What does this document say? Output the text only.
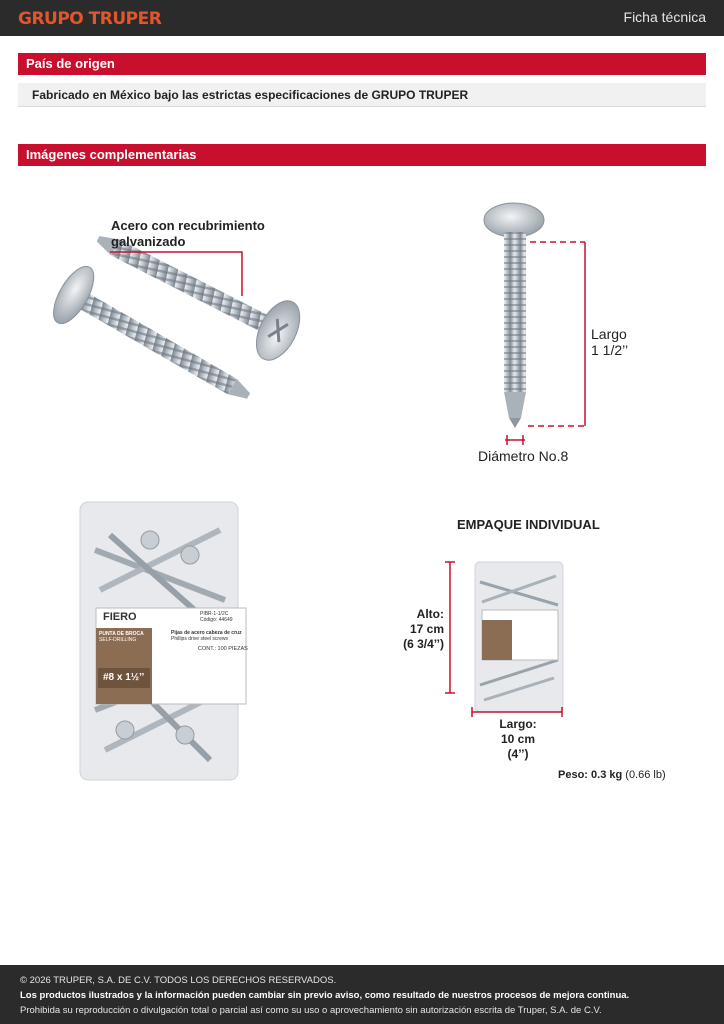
GRUPO TRUPER	Ficha técnica
País de origen
Fabricado en México bajo las estrictas especificaciones de GRUPO TRUPER
Imágenes complementarias
Acero con recubrimiento
galvanizado
Largo
1 1/2’’
Diámetro No.8
EMPAQUE INDIVIDUAL
Alto:
17 cm
(6 3/4’’)
Largo:
10 cm
(4’’)
Peso: 0.3 kg (0.66 lb)
FIERO	PIBR-1-1/2C
Código: 44649
PUNTA DE BROCA
SELF-DRILLING
Pijas de acero cabeza de cruz
Phillips drive steel screws
CONT.: 100 PIEZAS
#8 x 1½’’
© 2026 TRUPER, S.A. DE C.V. TODOS LOS DERECHOS RESERVADOS.
Los productos ilustrados y la información pueden cambiar sin previo aviso, como resultado de nuestros procesos de mejora continua.
Prohibida su reproducción o divulgación total o parcial así como su uso o aprovechamiento sin autorización escrita de Truper, S.A. de C.V.
